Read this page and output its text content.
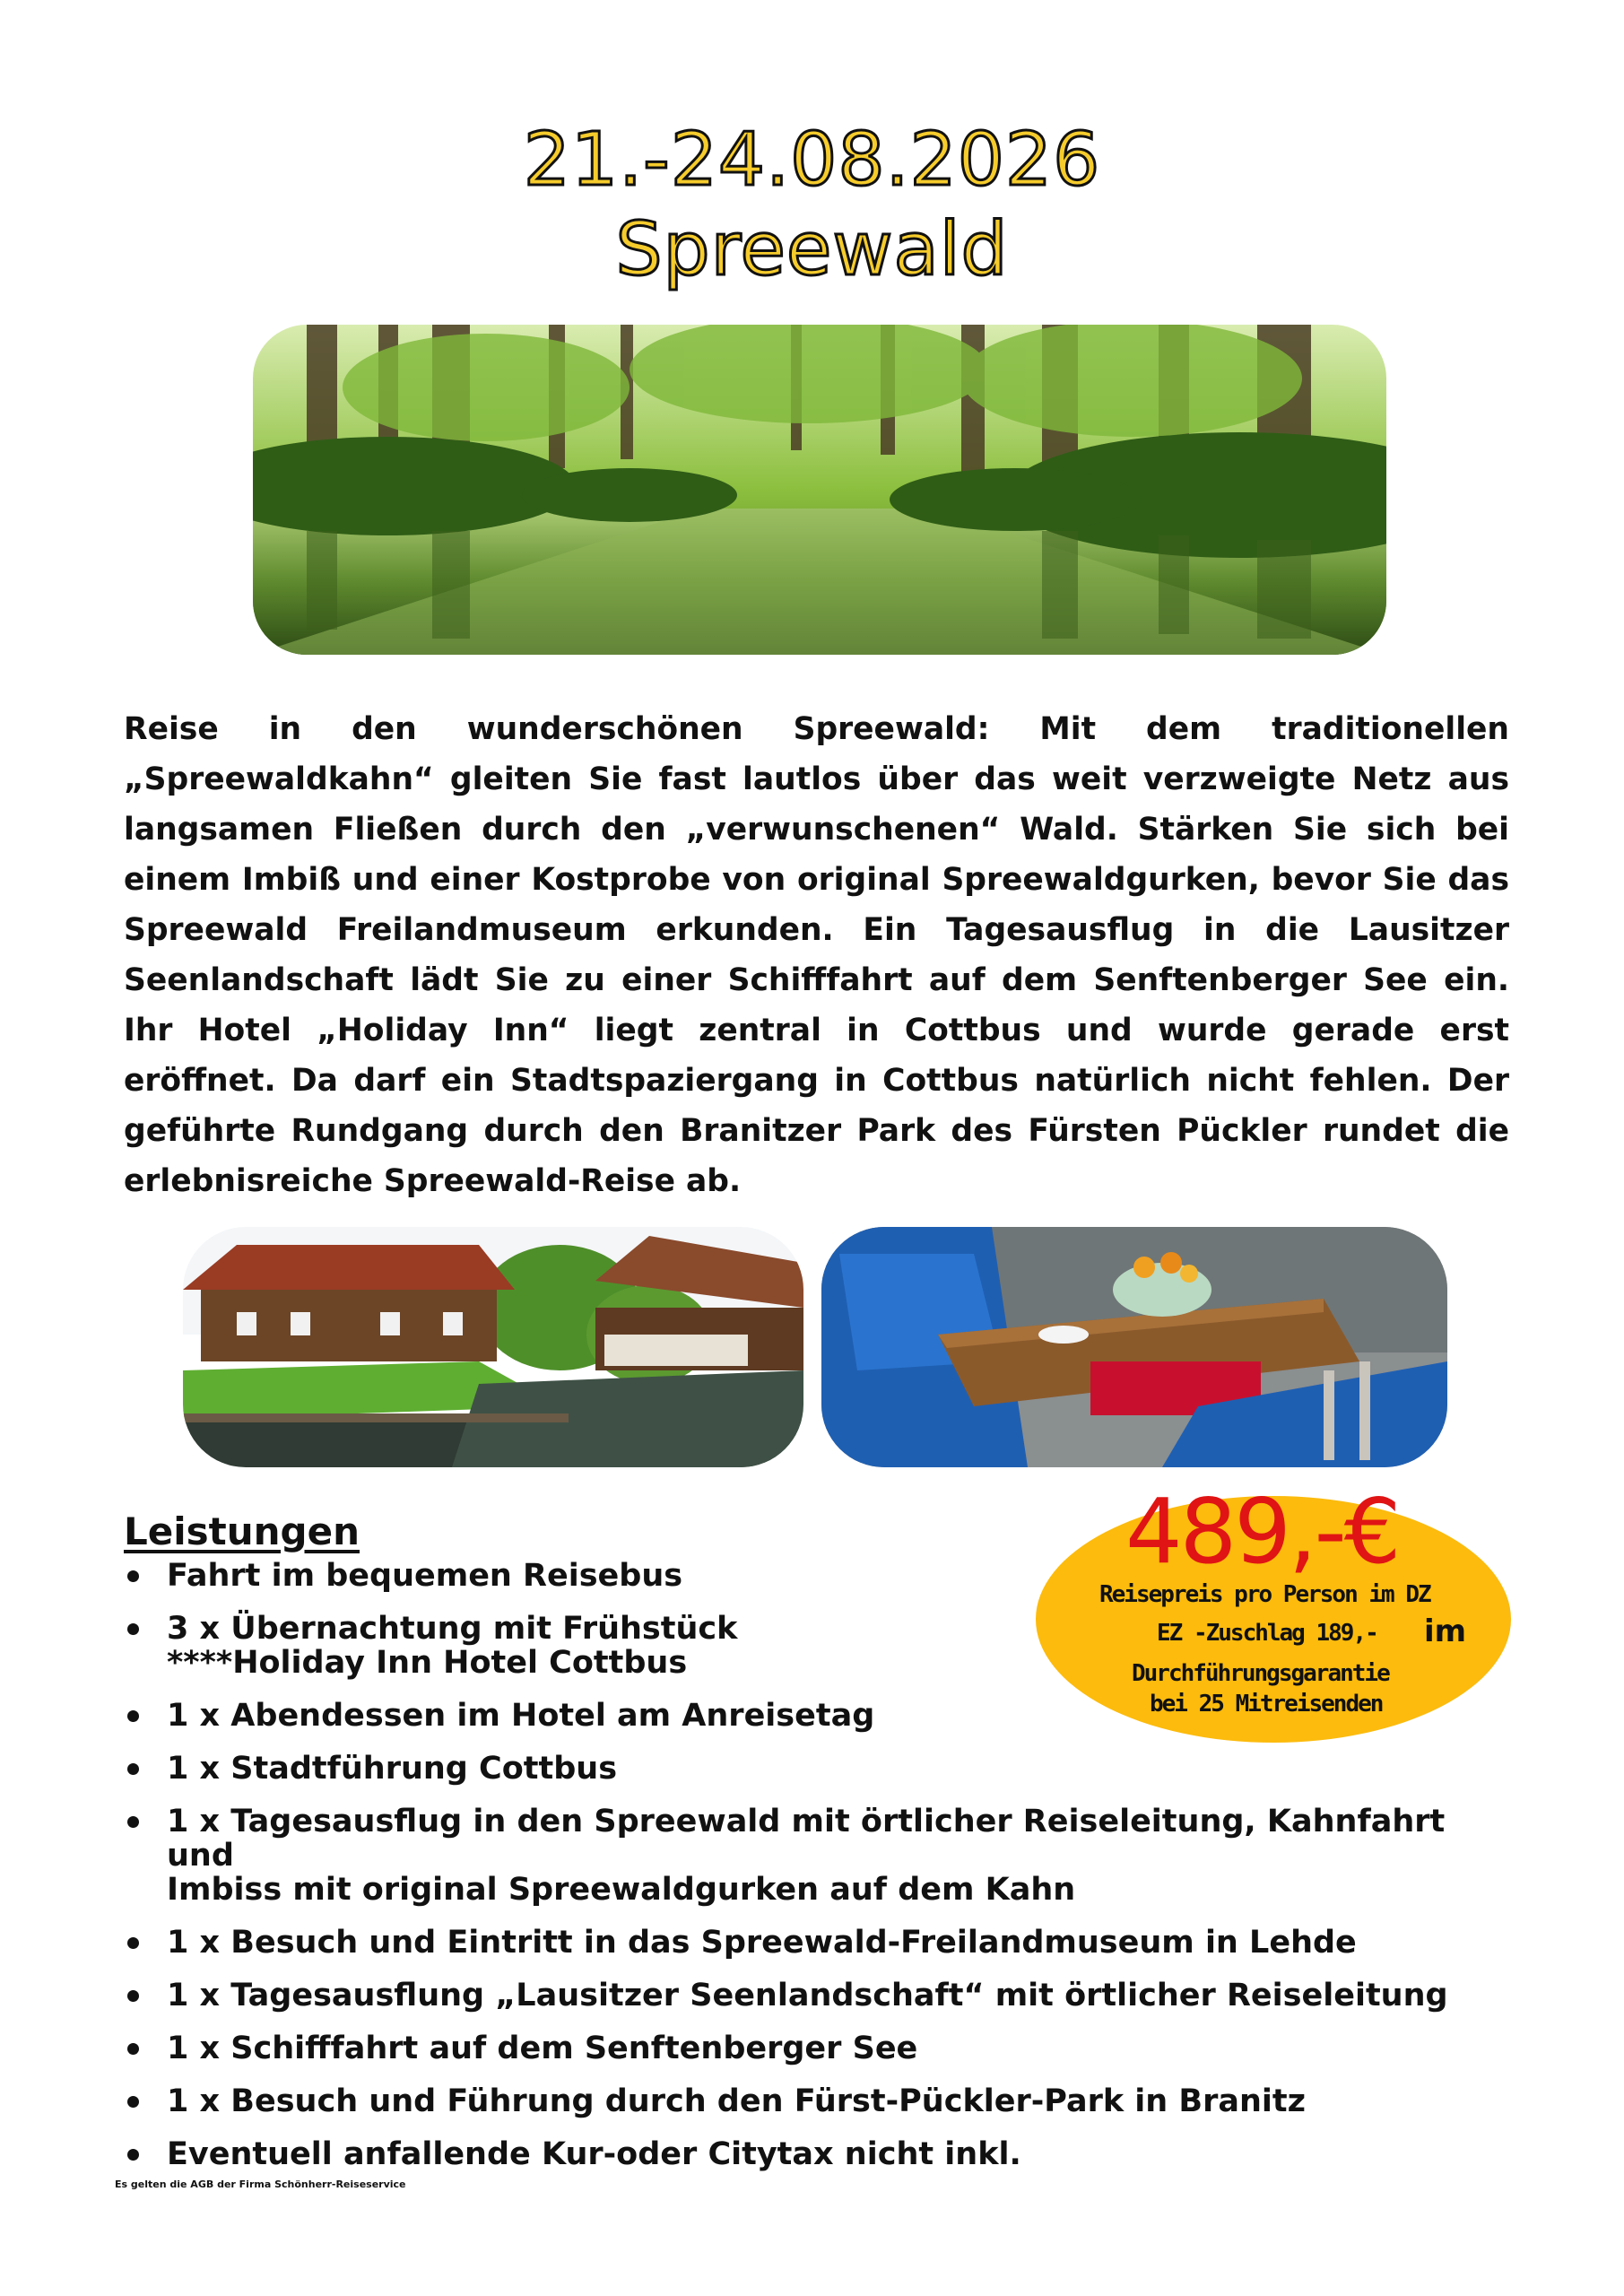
21.-24.08.2026
Spreewald

Reise in den wunderschönen Spreewald: Mit dem traditionellen „Spreewaldkahn“ gleiten Sie fast lautlos über das weit verzweigte Netz aus langsamen Fließen durch den „verwunschenen“ Wald. Stärken Sie sich bei einem Imbiß und einer Kostprobe von original Spreewaldgurken, bevor Sie das Spreewald Freilandmuseum erkunden. Ein Tagesausflug in die Lausitzer Seenlandschaft lädt Sie zu einer Schifffahrt auf dem Senftenberger See ein. Ihr Hotel „Holiday Inn“ liegt zentral in Cottbus und wurde gerade erst eröffnet. Da darf ein Stadtspaziergang in Cottbus natürlich nicht fehlen. Der geführte Rundgang durch den Branitzer Park des Fürsten Pückler rundet die erlebnisreiche Spreewald-Reise ab.

Leistungen
Fahrt im bequemen Reisebus
3 x Übernachtung mit Frühstück
****Holiday Inn Hotel Cottbus
1 x Abendessen im Hotel am Anreisetag
1 x Stadtführung Cottbus
1 x Tagesausflug in den Spreewald mit örtlicher Reiseleitung, Kahnfahrt und
Imbiss mit original Spreewaldgurken auf dem Kahn
1 x Besuch und Eintritt in das Spreewald-Freilandmuseum in Lehde
1 x Tagesausflung „Lausitzer Seenlandschaft“ mit örtlicher Reiseleitung
1 x Schifffahrt auf dem Senftenberger See
1 x Besuch und Führung durch den Fürst-Pückler-Park in Branitz
Eventuell anfallende Kur-oder Citytax nicht inkl.
489,-€
Reisepreis pro Person im DZ
EZ -Zuschlag 189,-
Durchführungsgarantie
bei 25 Mitreisenden
im
Es gelten die AGB der Firma Schönherr-Reiseservice
